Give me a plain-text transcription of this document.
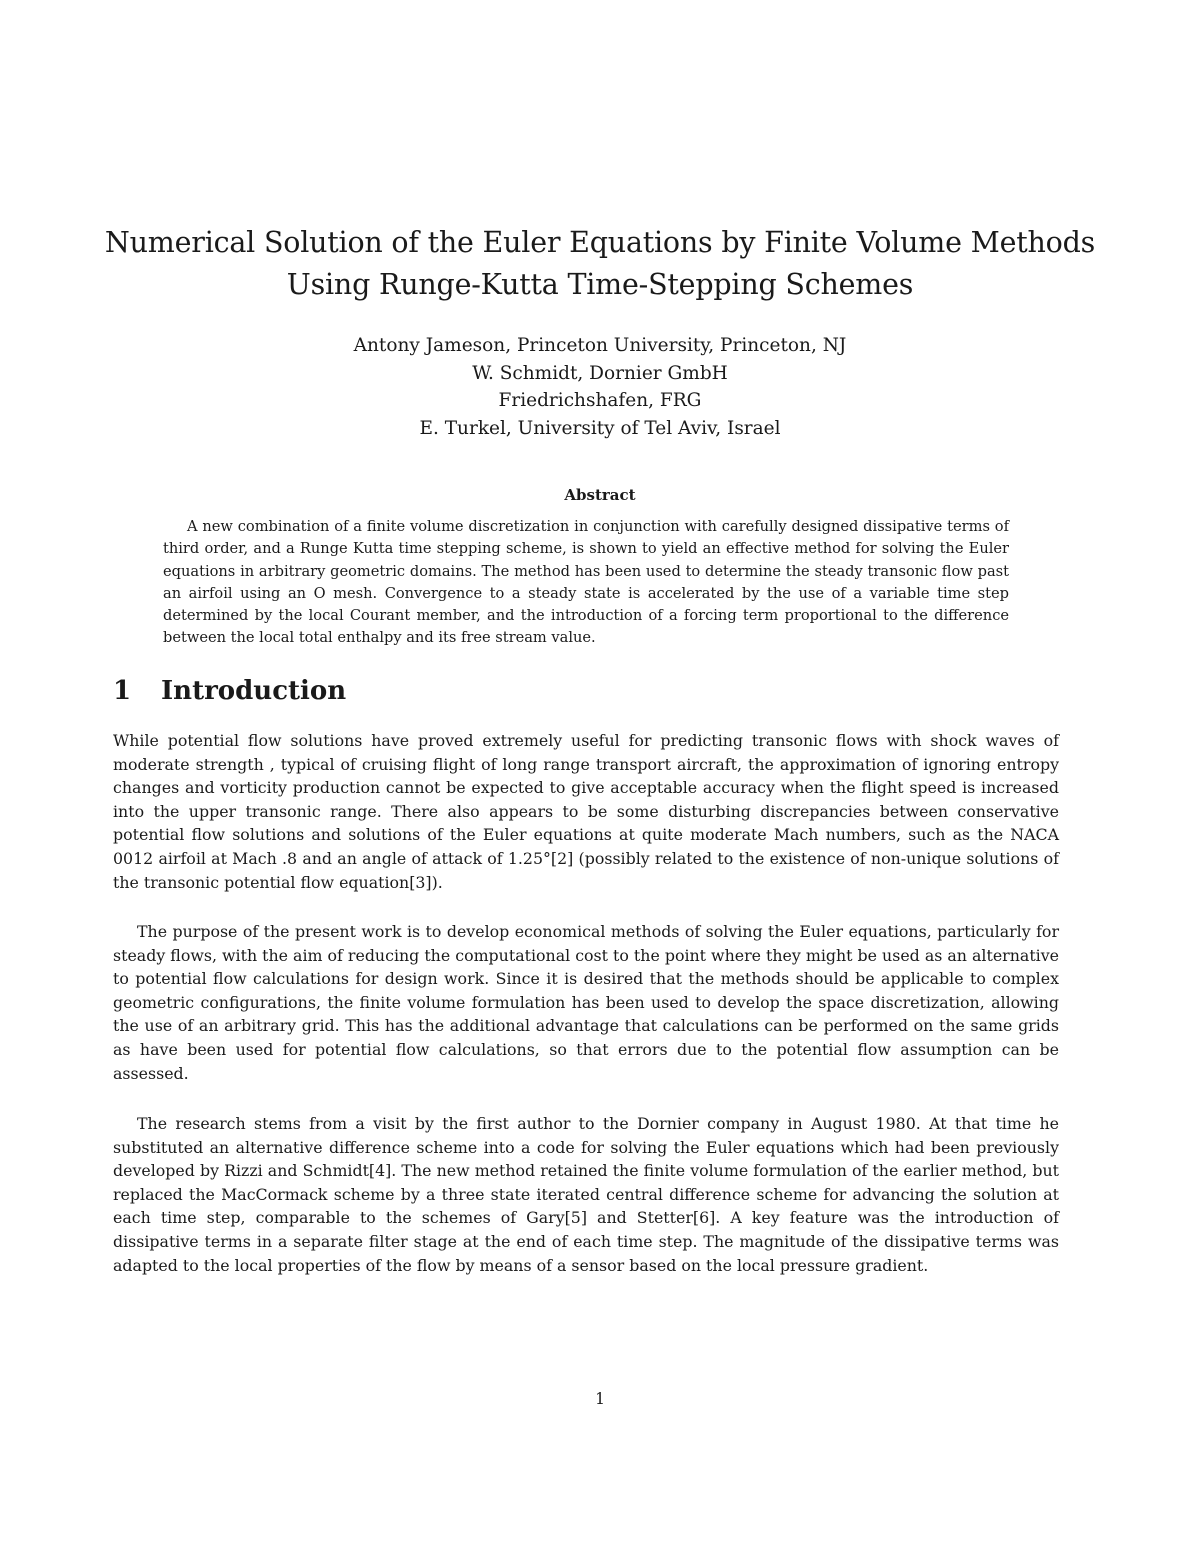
Numerical Solution of the Euler Equations by Finite Volume Methods
Using Runge-Kutta Time-Stepping Schemes
Antony Jameson, Princeton University, Princeton, NJ
W. Schmidt, Dornier GmbH
Friedrichshafen, FRG
E. Turkel, University of Tel Aviv, Israel
Abstract

A new combination of a finite volume discretization in conjunction with carefully designed dissipative terms of third order, and a Runge Kutta time stepping scheme, is shown to yield an effective method for solving the Euler equations in arbitrary geometric domains. The method has been used to determine the steady transonic flow past an airfoil using an O mesh. Convergence to a steady state is accelerated by the use of a variable time step determined by the local Courant member, and the introduction of a forcing term proportional to the difference between the local total enthalpy and its free stream value.

1 Introduction

While potential flow solutions have proved extremely useful for predicting transonic flows with shock waves of moderate strength , typical of cruising flight of long range transport aircraft, the approximation of ignoring entropy changes and vorticity production cannot be expected to give acceptable accuracy when the flight speed is increased into the upper transonic range. There also appears to be some disturbing discrepancies between conservative potential flow solutions and solutions of the Euler equations at quite moderate Mach numbers, such as the NACA 0012 airfoil at Mach .8 and an angle of attack of 1.25°[2] (possibly related to the existence of non-unique solutions of the transonic potential flow equation[3]).

The purpose of the present work is to develop economical methods of solving the Euler equations, particularly for steady flows, with the aim of reducing the computational cost to the point where they might be used as an alternative to potential flow calculations for design work. Since it is desired that the methods should be applicable to complex geometric configurations, the finite volume formulation has been used to develop the space discretization, allowing the use of an arbitrary grid. This has the additional advantage that calculations can be performed on the same grids as have been used for potential flow calculations, so that errors due to the potential flow assumption can be assessed.

The research stems from a visit by the first author to the Dornier company in August 1980. At that time he substituted an alternative difference scheme into a code for solving the Euler equations which had been previously developed by Rizzi and Schmidt[4]. The new method retained the finite volume formulation of the earlier method, but replaced the MacCormack scheme by a three state iterated central difference scheme for advancing the solution at each time step, comparable to the schemes of Gary[5] and Stetter[6]. A key feature was the introduction of dissipative terms in a separate filter stage at the end of each time step. The magnitude of the dissipative terms was adapted to the local properties of the flow by means of a sensor based on the local pressure gradient.

1
